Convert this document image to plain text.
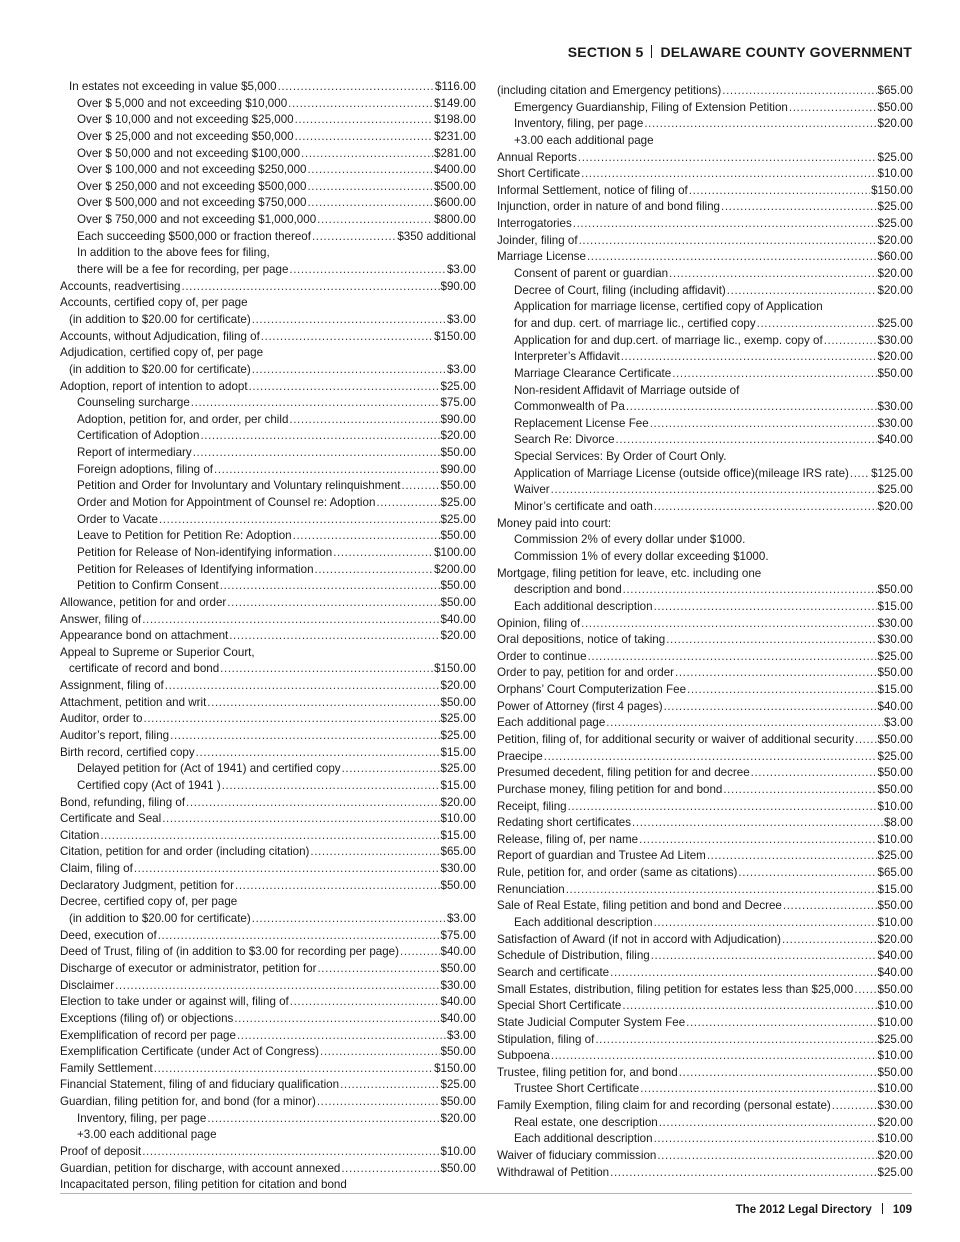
SECTION 5 DELAWARE COUNTY GOVERNMENT
In estates not exceeding in value $5,000 .....	$116.00
Over $ 5,000 and not exceeding $10,000 .....	$149.00
Over $ 10,000 and not exceeding $25,000 .....	$198.00
Over $ 25,000 and not exceeding $50,000 .....	$231.00
Over $ 50,000 and not exceeding $100,000 .....	$281.00
Over $ 100,000 and not exceeding $250,000 .....	$400.00
Over $ 250,000 and not exceeding $500,000 .....	$500.00
Over $ 500,000 and not exceeding $750,000 .....	$600.00
Over $ 750,000 and not exceeding $1,000,000 .....	$800.00
Each succeeding $500,000 or fraction thereof .....	$350 additional
In addition to the above fees for filing,
there will be a fee for recording, per page .....	$3.00
Accounts, readvertising .....	$90.00
Accounts, certified copy of, per page
(in addition to $20.00 for certificate) .....	$3.00
Accounts, without Adjudication, filing of .....	$150.00
Adjudication, certified copy of, per page
(in addition to $20.00 for certificate) .....	$3.00
Adoption, report of intention to adopt .....	$25.00
Counseling surcharge .....	$75.00
Adoption, petition for, and order, per child .....	$90.00
Certification of Adoption .....	$20.00
Report of intermediary .....	$50.00
Foreign adoptions, filing of .....	$90.00
Petition and Order for Involuntary and Voluntary relinquishment .....	$50.00
Order and Motion for Appointment of Counsel re: Adoption .....	$25.00
Order to Vacate .....	$25.00
Leave to Petition for Petition Re: Adoption .....	$50.00
Petition for Release of Non-identifying information .....	$100.00
Petition for Releases of Identifying information .....	$200.00
Petition to Confirm Consent .....	$50.00
Allowance, petition for and order .....	$50.00
Answer, filing of .....	$40.00
Appearance bond on attachment .....	$20.00
Appeal to Supreme or Superior Court,
certificate of record and bond .....	$150.00
Assignment, filing of .....	$20.00
Attachment, petition and writ .....	$50.00
Auditor, order to .....	$25.00
Auditor’s report, filing .....	$25.00
Birth record, certified copy .....	$15.00
Delayed petition for (Act of 1941) and certified copy .....	$25.00
Certified copy (Act of 1941 ) .....	$15.00
Bond, refunding, filing of .....	$20.00
Certificate and Seal .....	$10.00
Citation .....	$15.00
Citation, petition for and order (including citation) .....	$65.00
Claim, filing of .....	$30.00
Declaratory Judgment, petition for .....	$50.00
Decree, certified copy of, per page
(in addition to $20.00 for certificate) .....	$3.00
Deed, execution of .....	$75.00
Deed of Trust, filing of (in addition to $3.00 for recording per page) .....	$40.00
Discharge of executor or administrator, petition for .....	$50.00
Disclaimer .....	$30.00
Election to take under or against will, filing of .....	$40.00
Exceptions (filing of) or objections .....	$40.00
Exemplification of record per page .....	$3.00
Exemplification Certificate (under Act of Congress) .....	$50.00
Family Settlement .....	$150.00
Financial Statement, filing of and fiduciary qualification .....	$25.00
Guardian, filing petition for, and bond (for a minor) .....	$50.00
Inventory, filing, per page .....	$20.00
+3.00 each additional page
Proof of deposit .....	$10.00
Guardian, petition for discharge, with account annexed .....	$50.00
Incapacitated person, filing petition for citation and bond
(including citation and Emergency petitions) .....	$65.00
Emergency Guardianship, Filing of Extension Petition .....	$50.00
Inventory, filing, per page .....	$20.00
+3.00 each additional page
Annual Reports .....	$25.00
Short Certificate .....	$10.00
Informal Settlement, notice of filing of .....	$150.00
Injunction, order in nature of and bond filing .....	$25.00
Interrogatories .....	$25.00
Joinder, filing of .....	$20.00
Marriage License .....	$60.00
Consent of parent or guardian .....	$20.00
Decree of Court, filing (including affidavit) .....	$20.00
Application for marriage license, certified copy of Application
for and dup. cert. of marriage lic., certified copy .....	$25.00
Application for and dup.cert. of marriage lic., exemp. copy of .....	$30.00
Interpreter’s Affidavit .....	$20.00
Marriage Clearance Certificate .....	$50.00
Non-resident Affidavit of Marriage outside of
Commonwealth of Pa .....	$30.00
Replacement License Fee .....	$30.00
Search Re: Divorce .....	$40.00
Special Services: By Order of Court Only.
Application of Marriage License (outside office)(mileage IRS rate) ..... $125.00
Waiver .....	$25.00
Minor’s certificate and oath .....	$20.00
Money paid into court:
Commission 2% of every dollar under $1000.
Commission 1% of every dollar exceeding $1000.
Mortgage, filing petition for leave, etc. including one
description and bond .....	$50.00
Each additional description .....	$15.00
Opinion, filing of .....	$30.00
Oral depositions, notice of taking .....	$30.00
Order to continue .....	$25.00
Order to pay, petition for and order .....	$50.00
Orphans’ Court Computerization Fee .....	$15.00
Power of Attorney (first 4 pages) .....	$40.00
Each additional page .....	$3.00
Petition, filing of, for additional security or waiver of additional security ..... $50.00
Praecipe .....	$25.00
Presumed decedent, filing petition for and decree .....	$50.00
Purchase money, filing petition for and bond .....	$50.00
Receipt, filing .....	$10.00
Redating short certificates .....	$8.00
Release, filing of, per name .....	$10.00
Report of guardian and Trustee Ad Litem .....	$25.00
Rule, petition for, and order (same as citations) .....	$65.00
Renunciation .....	$15.00
Sale of Real Estate, filing petition and bond and Decree .....	$50.00
Each additional description .....	$10.00
Satisfaction of Award (if not in accord with Adjudication) .....	$20.00
Schedule of Distribution, filing .....	$40.00
Search and certificate .....	$40.00
Small Estates, distribution, filing petition for estates less than $25,000 ..... $50.00
Special Short Certificate .....	$10.00
State Judicial Computer System Fee .....	$10.00
Stipulation, filing of .....	$25.00
Subpoena .....	$10.00
Trustee, filing petition for, and bond .....	$50.00
Trustee Short Certificate .....	$10.00
Family Exemption, filing claim for and recording (personal estate) .....	$30.00
Real estate, one description .....	$20.00
Each additional description .....	$10.00
Waiver of fiduciary commission .....	$20.00
Withdrawal of Petition .....	$25.00
The 2012 Legal Directory 109
